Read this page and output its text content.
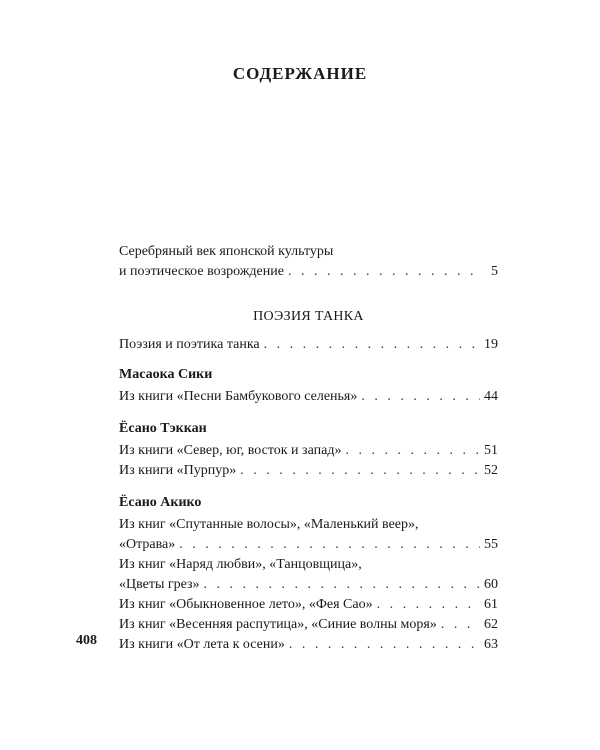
СОДЕРЖАНИЕ
Серебряный век японской культуры
и поэтическое возрождение . . .	5
ПОЭЗИЯ ТАНКА
Поэзия и поэтика танка . . .	19
Масаока Сики
Из книги «Песни Бамбукового селенья» . . .	44
Ёсано Тэккан
Из книги «Север, юг, восток и запад» . . .	51
Из книги «Пурпур» . . .	52
Ёсано Акико
Из книг «Спутанные волосы», «Маленький веер»,
«Отрава» . . .	55
Из книг «Наряд любви», «Танцовщица»,
«Цветы грез» . . .	60
Из книг «Обыкновенное лето», «Фея Сао» . . .	61
Из книг «Весенняя распутица», «Синие волны моря» . . .	62
Из книги «От лета к осени» . . .	63
408
